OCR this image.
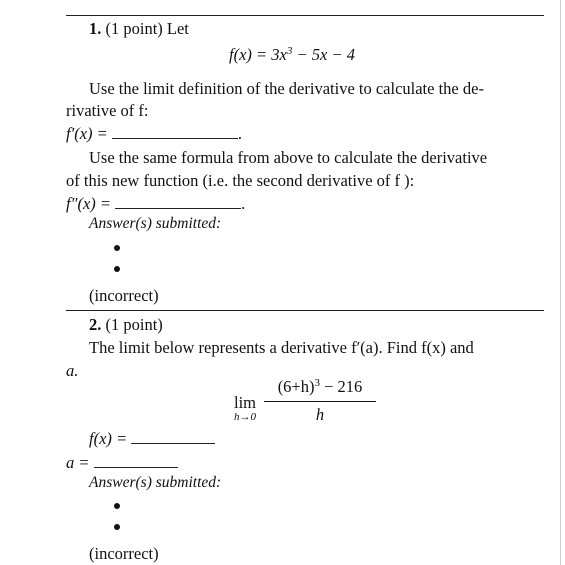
1. (1 point) Let
$f(x) = 3x^3 - 5x - 4$
Use the limit definition of the derivative to calculate the de-
rivative of f:
f′(x) =	.
Use the same formula from above to calculate the derivative
of this new function (i.e. the second derivative of f ):
f″(x) =	.
Answer(s) submitted:
(incorrect)
2. (1 point)
The limit below represents a derivative f′(a). Find f(x) and
a.
lim
h→0
$(6+h)^3 - 216$
h
f(x) =
a =
Answer(s) submitted:
(incorrect)
